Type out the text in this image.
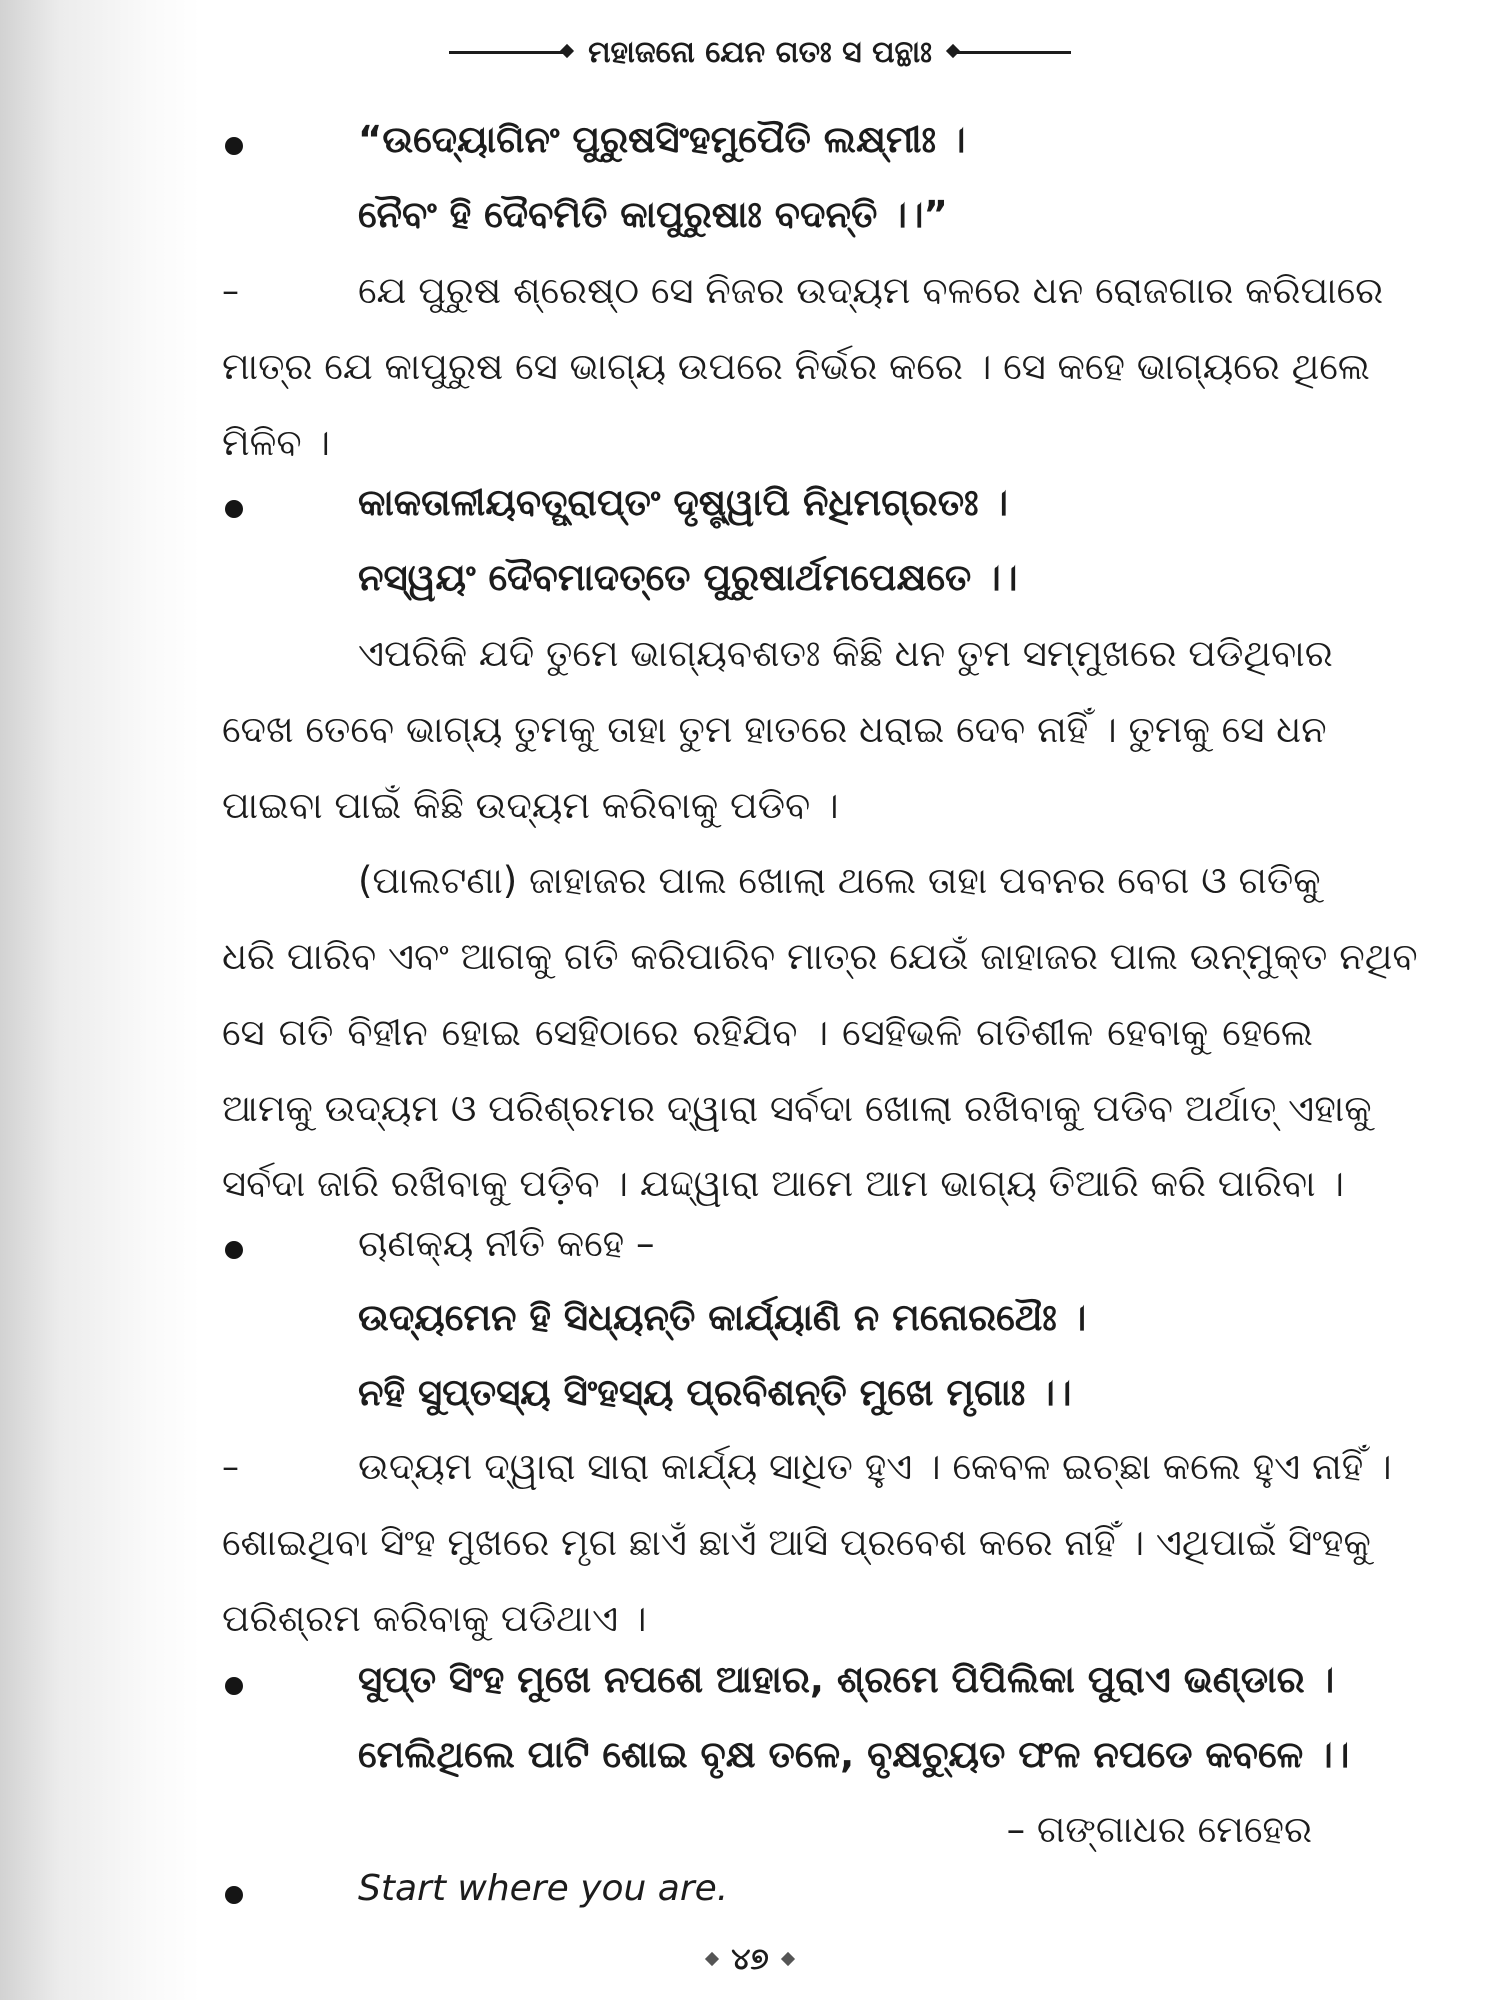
ମହାଜନୋ ଯେନ ଗତଃ ସ ପନ୍ଥାଃ
“ଉଦ୍ୟୋଗିନଂ ପୁରୁଷସିଂହମୁପୈତି ଲକ୍ଷ୍ମୀଃ ।
ନୈବଂ ହି ଦୈବମିତି କାପୁରୁଷାଃ ବଦନ୍ତି ।।”
–	ଯେ ପୁରୁଷ ଶ୍ରେଷ୍ଠ ସେ ନିଜର ଉଦ୍ୟମ ବଳରେ ଧନ ରୋଜଗାର କରିପାରେ
ମାତ୍ର ଯେ କାପୁରୁଷ ସେ ଭାଗ୍ୟ ଉପରେ ନିର୍ଭର କରେ । ସେ କହେ ଭାଗ୍ୟରେ ଥିଲେ
ମିଳିବ ।
କାକତାଳୀୟବତ୍ପ୍ରାପ୍ତଂ ଦୃଷ୍ଟ୍ୱାପି ନିଧିମଗ୍ରତଃ ।
ନସ୍ୱୟଂ ଦୈବମାଦତ୍ତେ ପୁରୁଷାର୍ଥମପେକ୍ଷତେ ।।
ଏପରିକି ଯଦି ତୁମେ ଭାଗ୍ୟବଶତଃ କିଛି ଧନ ତୁମ ସମ୍ମୁଖରେ ପଡିଥିବାର
ଦେଖ ତେବେ ଭାଗ୍ୟ ତୁମକୁ ତାହା ତୁମ ହାତରେ ଧରାଇ ଦେବ ନାହିଁ । ତୁମକୁ ସେ ଧନ
ପାଇବା ପାଇଁ କିଛି ଉଦ୍ୟମ କରିବାକୁ ପଡିବ ।
(ପାଲଟଣା) ଜାହାଜର ପାଲ ଖୋଲା ଥଲେ ତାହା ପବନର ବେଗ ଓ ଗତିକୁ
ଧରି ପାରିବ ଏବଂ ଆଗକୁ ଗତି କରିପାରିବ ମାତ୍ର ଯେଉଁ ଜାହାଜର ପାଲ ଉନ୍ମୁକ୍ତ ନଥିବ
ସେ ଗତି ବିହୀନ ହୋଇ ସେହିଠାରେ ରହିଯିବ । ସେହିଭଳି ଗତିଶୀଳ ହେବାକୁ ହେଲେ
ଆମକୁ ଉଦ୍ୟମ ଓ ପରିଶ୍ରମର ଦ୍ୱାରା ସର୍ବଦା ଖୋଲା ରଖିବାକୁ ପଡିବ ଅର୍ଥାତ୍ ଏହାକୁ
ସର୍ବଦା ଜାରି ରଖିବାକୁ ପଡ଼ିବ । ଯଦ୍ଦ୍ୱାରା ଆମେ ଆମ ଭାଗ୍ୟ ତିଆରି କରି ପାରିବା ।
ଚାଣକ୍ୟ ନୀତି କହେ –
ଉଦ୍ୟମେନ ହି ସିଧ୍ୟନ୍ତି କାର୍ଯ୍ୟାଣି ନ ମନୋରଥୈଃ ।
ନହି ସୁପ୍ତସ୍ୟ ସିଂହସ୍ୟ ପ୍ରବିଶନ୍ତି ମୁଖେ ମୃଗାଃ ।।
–	ଉଦ୍ୟମ ଦ୍ୱାରା ସାରା କାର୍ଯ୍ୟ ସାଧିତ ହୁଏ । କେବଳ ଇଚ୍ଛା କଲେ ହୁଏ ନାହିଁ ।
ଶୋଇଥିବା ସିଂହ ମୁଖରେ ମୃଗ ଛାଏଁ ଛାଏଁ ଆସି ପ୍ରବେଶ କରେ ନାହିଁ । ଏଥିପାଇଁ ସିଂହକୁ
ପରିଶ୍ରମ କରିବାକୁ ପଡିଥାଏ ।
ସୁପ୍ତ ସିଂହ ମୁଖେ ନପଶେ ଆହାର, ଶ୍ରମେ ପିପିଲିକା ପୁରାଏ ଭଣ୍ଡାର ।
ମେଲିଥିଲେ ପାଟି ଶୋଇ ବୃକ୍ଷ ତଳେ, ବୃକ୍ଷଚ୍ୟୁତ ଫଳ ନପଡେ କବଳେ ।।
– ଗଙ୍ଗାଧର ମେହେର
Start where you are.
୪୭
